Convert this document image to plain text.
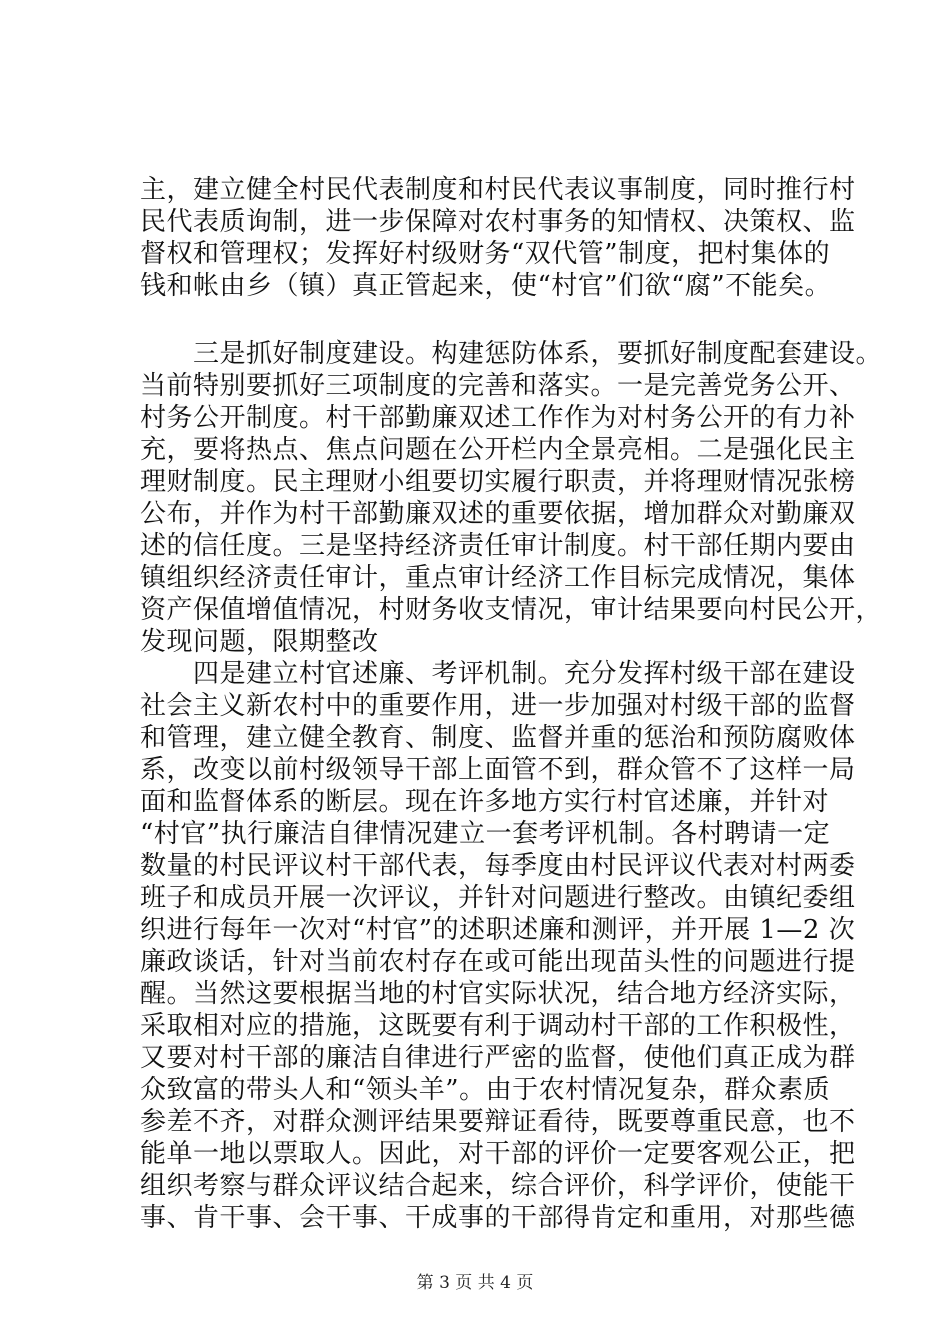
主，建立健全村民代表制度和村民代表议事制度，同时推行村
民代表质询制，进一步保障对农村事务的知情权、决策权、监
督权和管理权；发挥好村级财务“双代管”制度，把村集体的
钱和帐由乡（镇）真正管起来，使“村官”们欲“腐”不能矣。
　　三是抓好制度建设。构建惩防体系，要抓好制度配套建设。
当前特别要抓好三项制度的完善和落实。一是完善党务公开、
村务公开制度。村干部勤廉双述工作作为对村务公开的有力补
充，要将热点、焦点问题在公开栏内全景亮相。二是强化民主
理财制度。民主理财小组要切实履行职责，并将理财情况张榜
公布，并作为村干部勤廉双述的重要依据，增加群众对勤廉双
述的信任度。三是坚持经济责任审计制度。村干部任期内要由
镇组织经济责任审计，重点审计经济工作目标完成情况，集体
资产保值增值情况，村财务收支情况，审计结果要向村民公开，
发现问题，限期整改
　　四是建立村官述廉、考评机制。充分发挥村级干部在建设
社会主义新农村中的重要作用，进一步加强对村级干部的监督
和管理，建立健全教育、制度、监督并重的惩治和预防腐败体
系，改变以前村级领导干部上面管不到，群众管不了这样一局
面和监督体系的断层。现在许多地方实行村官述廉，并针对
“村官”执行廉洁自律情况建立一套考评机制。各村聘请一定
数量的村民评议村干部代表，每季度由村民评议代表对村两委
班子和成员开展一次评议，并针对问题进行整改。由镇纪委组
织进行每年一次对“村官”的述职述廉和测评，并开展 1—2 次
廉政谈话，针对当前农村存在或可能出现苗头性的问题进行提
醒。当然这要根据当地的村官实际状况，结合地方经济实际，
采取相对应的措施，这既要有利于调动村干部的工作积极性，
又要对村干部的廉洁自律进行严密的监督，使他们真正成为群
众致富的带头人和“领头羊”。由于农村情况复杂，群众素质
参差不齐，对群众测评结果要辩证看待，既要尊重民意，也不
能单一地以票取人。因此，对干部的评价一定要客观公正，把
组织考察与群众评议结合起来，综合评价，科学评价，使能干
事、肯干事、会干事、干成事的干部得肯定和重用，对那些德
第 3 页 共 4 页
